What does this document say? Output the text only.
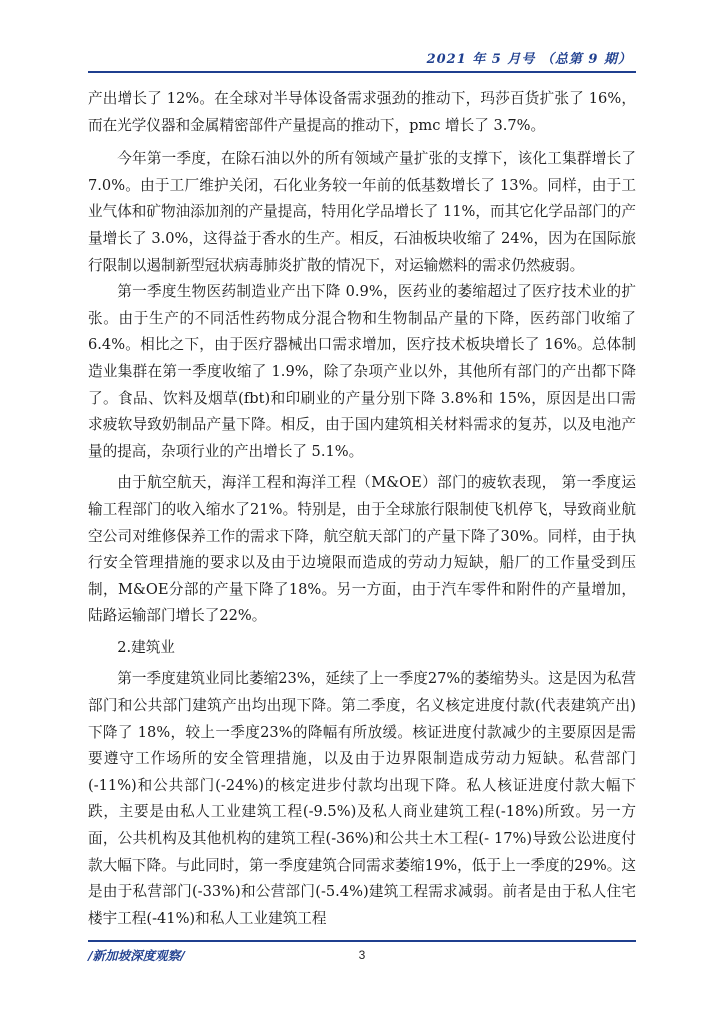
2021 年 5 月号 （总第 9 期）

产出增长了 12%。在全球对半导体设备需求强劲的推动下，玛莎百货扩张了 16%，而在光学仪器和金属精密部件产量提高的推动下，pmc 增长了 3.7%。

今年第一季度，在除石油以外的所有领域产量扩张的支撑下，该化工集群增长了 7.0%。由于工厂维护关闭，石化业务较一年前的低基数增长了 13%。同样，由于工业气体和矿物油添加剂的产量提高，特用化学品增长了 11%，而其它化学品部门的产量增长了 3.0%，这得益于香水的生产。相反，石油板块收缩了 24%，因为在国际旅行限制以遏制新型冠状病毒肺炎扩散的情况下，对运输燃料的需求仍然疲弱。

第一季度生物医药制造业产出下降 0.9%，医药业的萎缩超过了医疗技术业的扩张。由于生产的不同活性药物成分混合物和生物制品产量的下降，医药部门收缩了 6.4%。相比之下，由于医疗器械出口需求增加，医疗技术板块增长了 16%。总体制造业集群在第一季度收缩了 1.9%，除了杂项产业以外，其他所有部门的产出都下降了。食品、饮料及烟草(fbt)和印刷业的产量分别下降 3.8%和 15%，原因是出口需求疲软导致奶制品产量下降。相反，由于国内建筑相关材料需求的复苏，以及电池产量的提高，杂项行业的产出增长了 5.1%。

由于航空航天，海洋工程和海洋工程（M&OE）部门的疲软表现， 第一季度运输工程部门的收入缩水了21%。特别是，由于全球旅行限制使飞机停飞，导致商业航空公司对维修保养工作的需求下降，航空航天部门的产量下降了30%。同样，由于执行安全管理措施的要求以及由于边境限而造成的劳动力短缺，船厂的工作量受到压制，M&OE分部的产量下降了18%。另一方面，由于汽车零件和附件的产量增加，陆路运输部门增长了22%。

2.建筑业

第一季度建筑业同比萎缩23%，延续了上一季度27%的萎缩势头。这是因为私营部门和公共部门建筑产出均出现下降。第二季度，名义核定进度付款(代表建筑产出)下降了 18%，较上一季度23%的降幅有所放缓。核证进度付款减少的主要原因是需要遵守工作场所的安全管理措施，以及由于边界限制造成劳动力短缺。私营部门(-11%)和公共部门(-24%)的核定进步付款均出现下降。私人核证进度付款大幅下跌，主要是由私人工业建筑工程(-9.5%)及私人商业建筑工程(-18%)所致。另一方面，公共机构及其他机构的建筑工程(-36%)和公共土木工程(- 17%)导致公讼进度付款大幅下降。与此同时，第一季度建筑合同需求萎缩19%，低于上一季度的29%。这是由于私营部门(-33%)和公营部门(-5.4%)建筑工程需求减弱。前者是由于私人住宅楼宇工程(-41%)和私人工业建筑工程

/新加坡深度观察/	3
